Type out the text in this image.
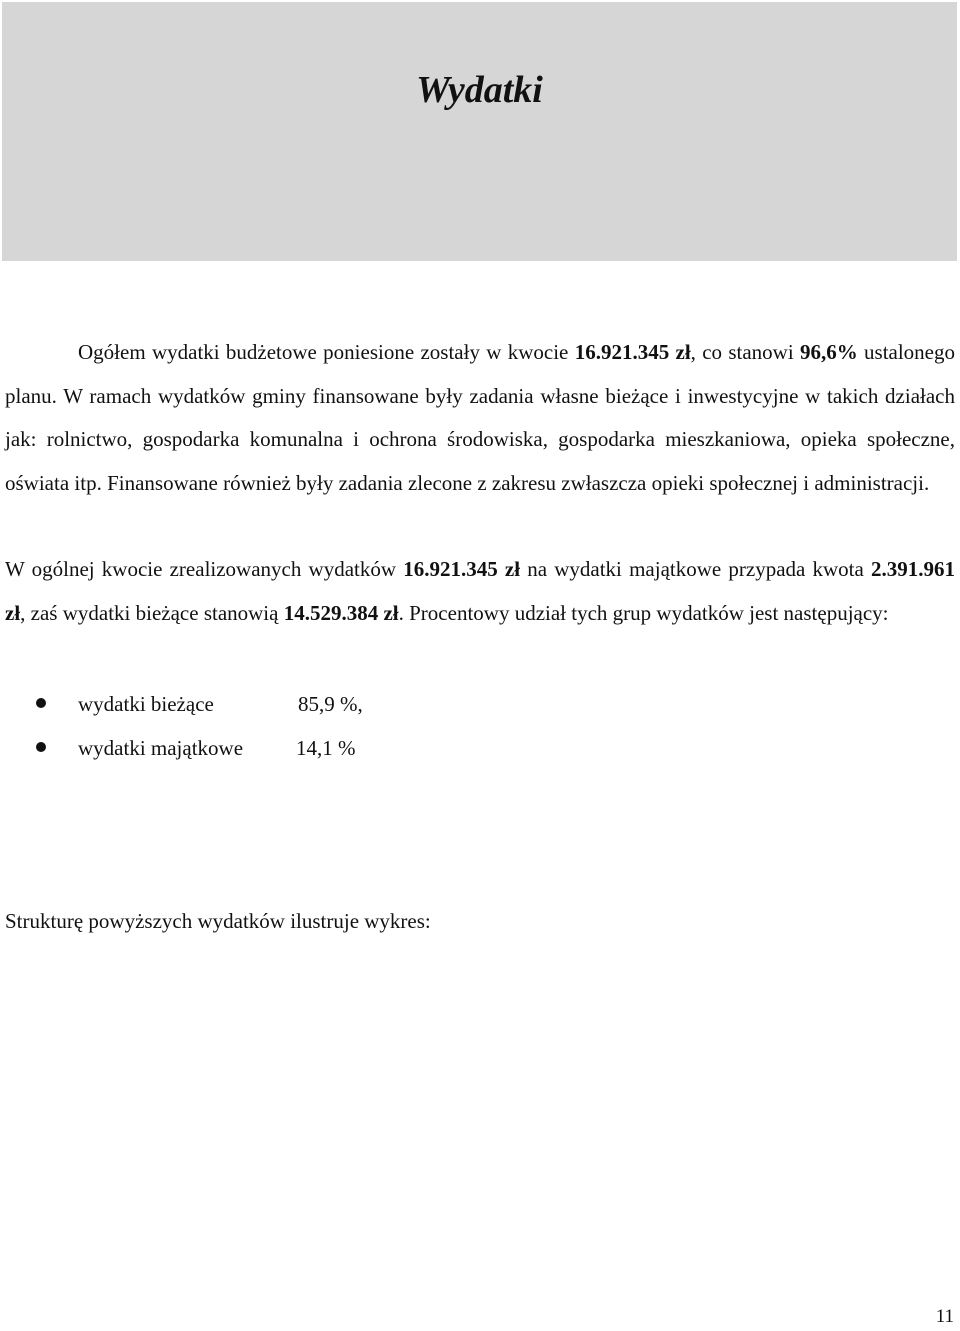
Wydatki

Ogółem wydatki budżetowe poniesione zostały w kwocie 16.921.345 zł, co stanowi 96,6% ustalonego planu. W ramach wydatków gminy finansowane były zadania własne bieżące i inwestycyjne w takich działach jak: rolnictwo, gospodarka komunalna i ochrona środowiska, gospodarka mieszkaniowa, opieka społeczne, oświata itp. Finansowane również były zadania zlecone z zakresu zwłaszcza opieki społecznej i administracji.

W ogólnej kwocie zrealizowanych wydatków 16.921.345 zł na wydatki majątkowe przypada kwota 2.391.961 zł, zaś wydatki bieżące stanowią 14.529.384 zł. Procentowy udział tych grup wydatków jest następujący:

wydatki bieżące	85,9 %,
wydatki majątkowe	14,1 %

Strukturę powyższych wydatków ilustruje wykres:

11
